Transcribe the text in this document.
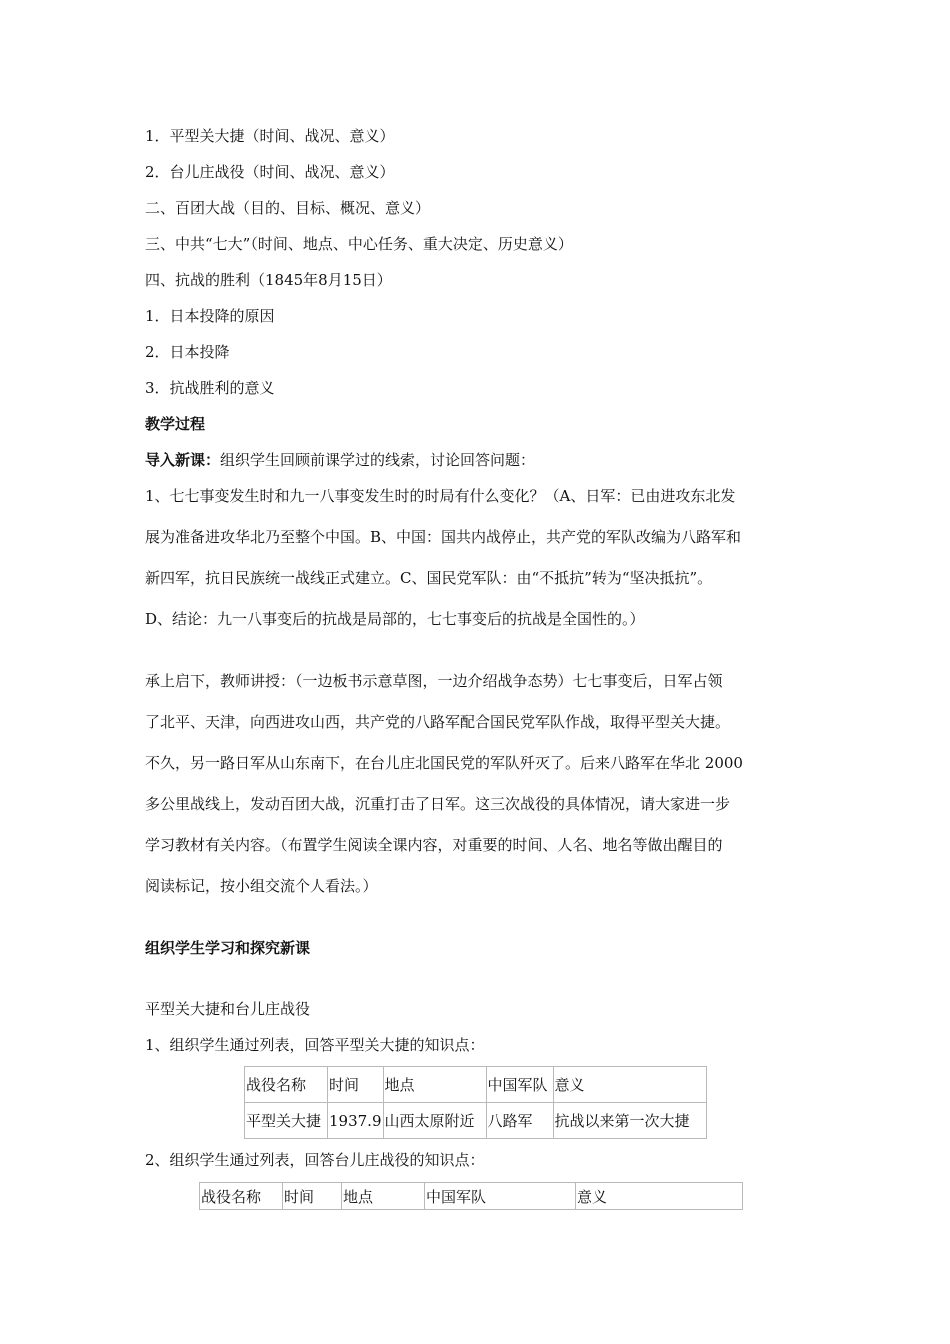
1．平型关大捷（时间、战况、意义）
2．台儿庄战役（时间、战况、意义）
二、百团大战（目的、目标、概况、意义）
三、中共“七大”（时间、地点、中心任务、重大决定、历史意义）
四、抗战的胜利（1845年8月15日）
1．日本投降的原因
2．日本投降
3．抗战胜利的意义
教学过程
导入新课：组织学生回顾前课学过的线索，讨论回答问题：
1、七七事变发生时和九一八事变发生时的时局有什么变化？（A、日军：已由进攻东北发
展为准备进攻华北乃至整个中国。B、中国：国共内战停止，共产党的军队改编为八路军和
新四军，抗日民族统一战线正式建立。C、国民党军队：由“不抵抗”转为“坚决抵抗”。
D、结论：九一八事变后的抗战是局部的，七七事变后的抗战是全国性的。）
承上启下，教师讲授：（一边板书示意草图，一边介绍战争态势）七七事变后，日军占领
了北平、天津，向西进攻山西，共产党的八路军配合国民党军队作战，取得平型关大捷。
不久，另一路日军从山东南下，在台儿庄北国民党的军队歼灭了。后来八路军在华北 2000
多公里战线上，发动百团大战，沉重打击了日军。这三次战役的具体情况，请大家进一步
学习教材有关内容。（布置学生阅读全课内容，对重要的时间、人名、地名等做出醒目的
阅读标记，按小组交流个人看法。）
组织学生学习和探究新课
平型关大捷和台儿庄战役
1、组织学生通过列表，回答平型关大捷的知识点：
战役名称	时间	地点	中国军队	意义
平型关大捷	1937.9	山西太原附近	八路军	抗战以来第一次大捷
2、组织学生通过列表，回答台儿庄战役的知识点：
战役名称	时间	地点	中国军队	意义
